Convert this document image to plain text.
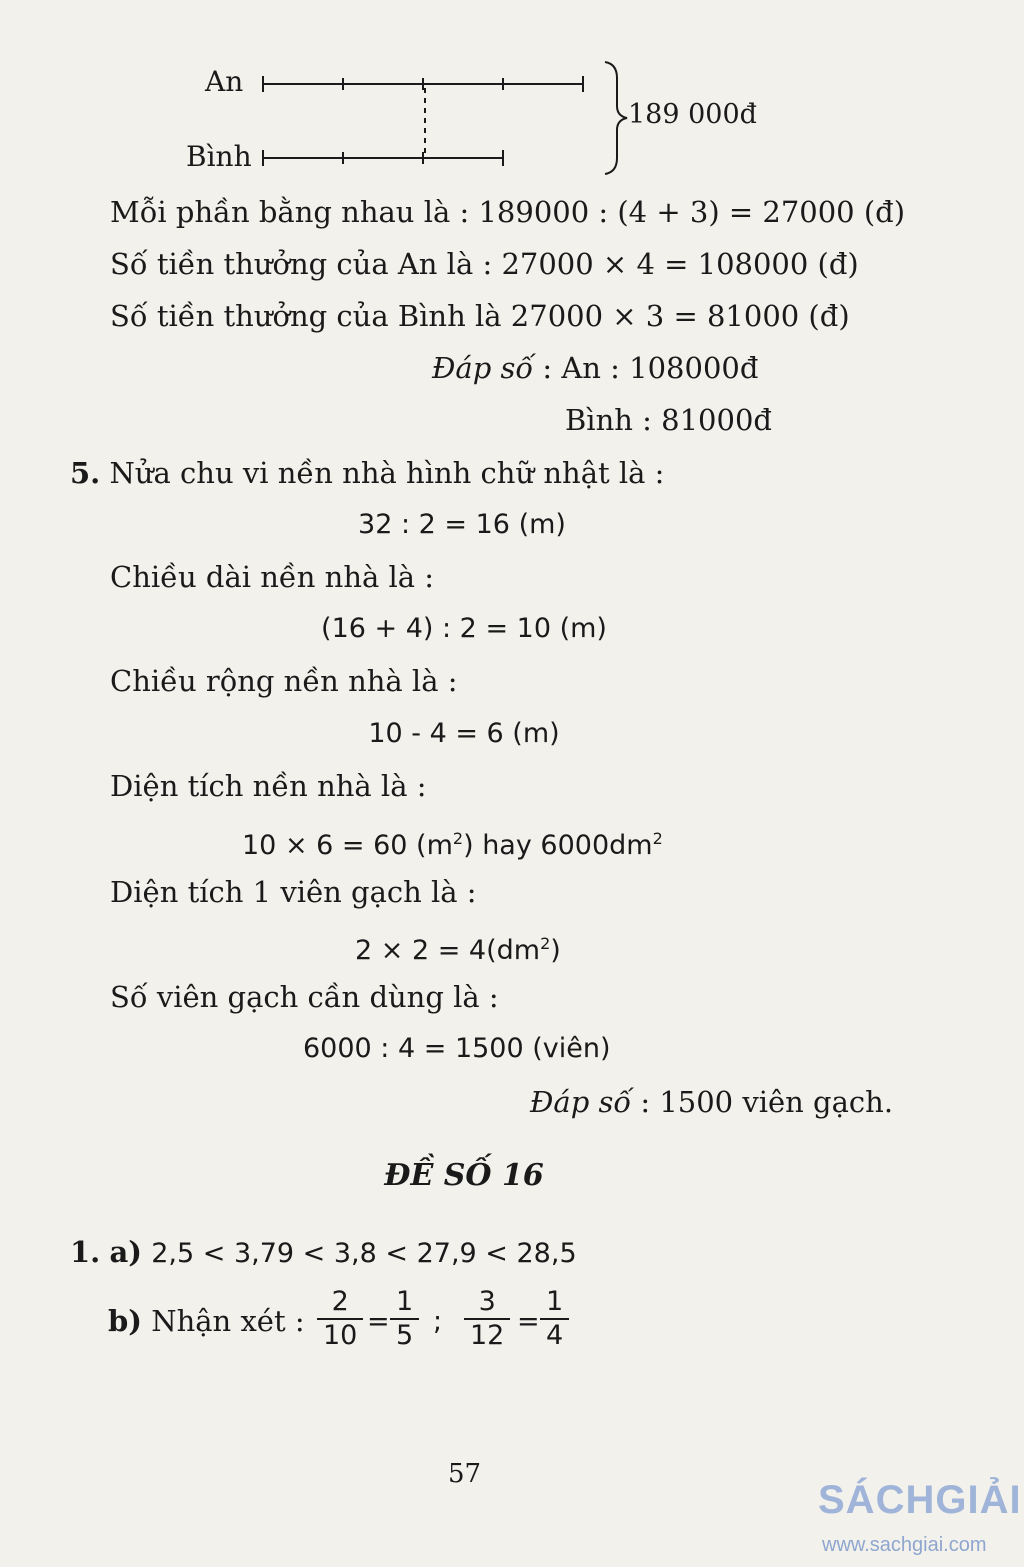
An
Bình
189 000đ
Mỗi phần bằng nhau là : 189000 : (4 + 3) = 27000 (đ)
Số tiền thưởng của An là : 27000 × 4 = 108000 (đ)
Số tiền thưởng của Bình là 27000 × 3 = 81000 (đ)
Đáp số : An : 108000đ
Bình : 81000đ
5. Nửa chu vi nền nhà hình chữ nhật là :
32 : 2 = 16 (m)
Chiều dài nền nhà là :
(16 + 4) : 2 = 10 (m)
Chiều rộng nền nhà là :
10 - 4 = 6 (m)
Diện tích nền nhà là :
10 × 6 = 60 $(m^2)$ hay $6000dm^2$
Diện tích 1 viên gạch là :
$2 \times 2 = 4(dm^2)$
Số viên gạch cần dùng là :
6000 : 4 = 1500 (viên)
Đáp số : 1500 viên gạch.
ĐỀ SỐ 16
1. a) 2,5 < 3,79 < 3,8 < 27,9 < 28,5
b) Nhận xét : $\frac{2}{10} = \frac{1}{5}$ ; $\frac{3}{12} = \frac{1}{4}$
57
SÁCHGIẢI
www.sachgiai.com
